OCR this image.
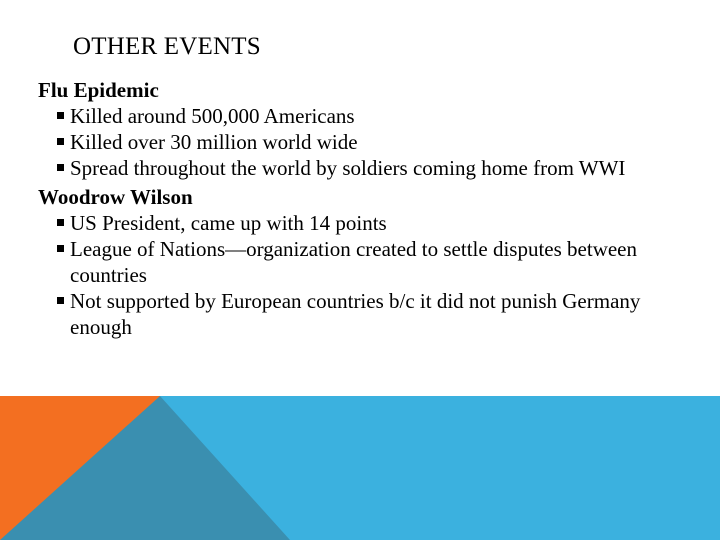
OTHER EVENTS
Flu Epidemic
Killed around 500,000 Americans
Killed over 30 million world wide
Spread throughout the world by soldiers coming home from WWI
Woodrow Wilson
US President, came up with 14 points
League of Nations—organization created to settle disputes between countries
Not supported by European countries b/c it did not punish Germany enough
